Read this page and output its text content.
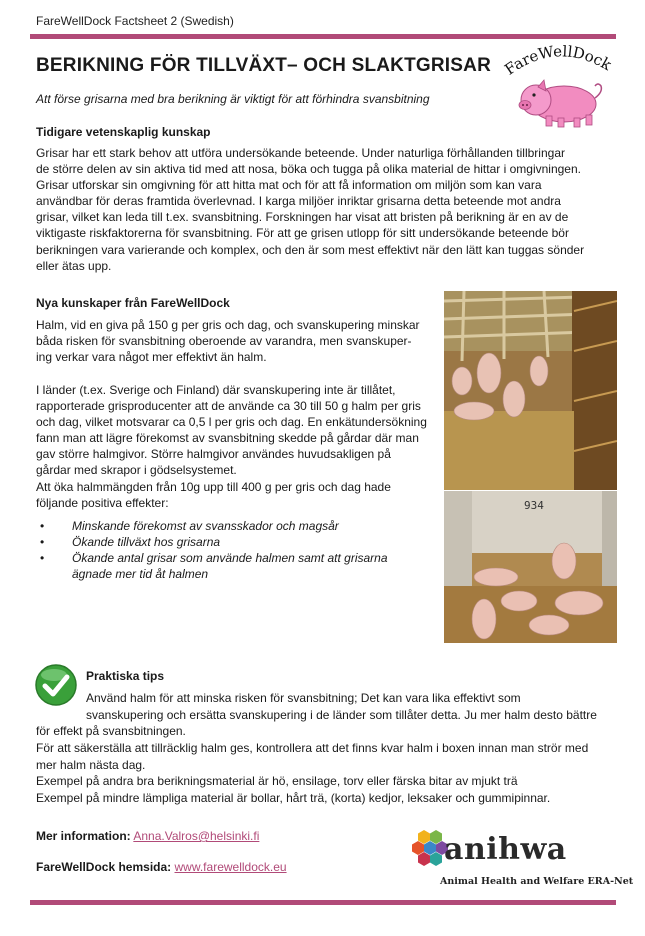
FareWellDock Factsheet 2 (Swedish)
BERIKNING FÖR TILLVÄXT– OCH SLAKTGRISAR
Att förse grisarna med bra berikning är viktigt för att förhindra svansbitning
FareWellDock
Tidigare vetenskaplig kunskap
Grisar har ett stark behov att utföra undersökande beteende. Under naturliga förhållanden tillbringar
de större delen av sin aktiva tid med att nosa, böka och tugga på olika material de hittar i omgivningen.
Grisar utforskar sin omgivning för att hitta mat och för att få information om miljön som kan vara
användbar för deras framtida överlevnad. I karga miljöer inriktar grisarna detta beteende mot andra
grisar, vilket kan leda till t.ex. svansbitning. Forskningen har visat att bristen på berikning är en av de
viktigaste riskfaktorerna för svansbitning. För att ge grisen utlopp för sitt undersökande beteende bör
berikningen vara varierande och komplex, och den är som mest effektivt när den lätt kan tuggas sönder
eller ätas upp.
Nya kunskaper från FareWellDock
Halm, vid en giva på 150 g per gris och dag, och svanskupering minskar
båda risken för svansbitning oberoende av varandra, men svanskuper-
ing verkar vara något mer effektivt än halm.
I länder (t.ex. Sverige och Finland) där svanskupering inte är tillåtet,
rapporterade grisproducenter att de använde ca 30 till 50 g halm per gris
och dag, vilket motsvarar ca 0,5 l per gris och dag. En enkätundersökning
fann man att lägre förekomst av svansbitning skedde på gårdar där man
gav större halmgivor. Större halmgivor användes huvudsakligen på
gårdar med skrapor i gödselsystemet.
Att öka halmmängden från 10g upp till 400 g per gris och dag hade
följande positiva effekter:
• Minskande förekomst av svansskador och magsår
• Ökande tillväxt hos grisarna
• Ökande antal grisar som använde halmen samt att grisarna
ägnade mer tid åt halmen
934
Praktiska tips
Använd halm för att minska risken för svansbitning; Det kan vara lika effektivt som
svanskupering och ersätta svanskupering i de länder som tillåter detta. Ju mer halm desto bättre
för effekt på svansbitningen.
För att säkerställa att tillräcklig halm ges, kontrollera att det finns kvar halm i boxen innan man strör med
mer halm nästa dag.
Exempel på andra bra berikningsmaterial är hö, ensilage, torv eller färska bitar av mjukt trä
Exempel på mindre lämpliga material är bollar, hårt trä, (korta) kedjor, leksaker och gummipinnar.
Mer information: Anna.Valros@helsinki.fi
FareWellDock hemsida: www.farewelldock.eu	anihwa
Animal Health and Welfare ERA-Net
